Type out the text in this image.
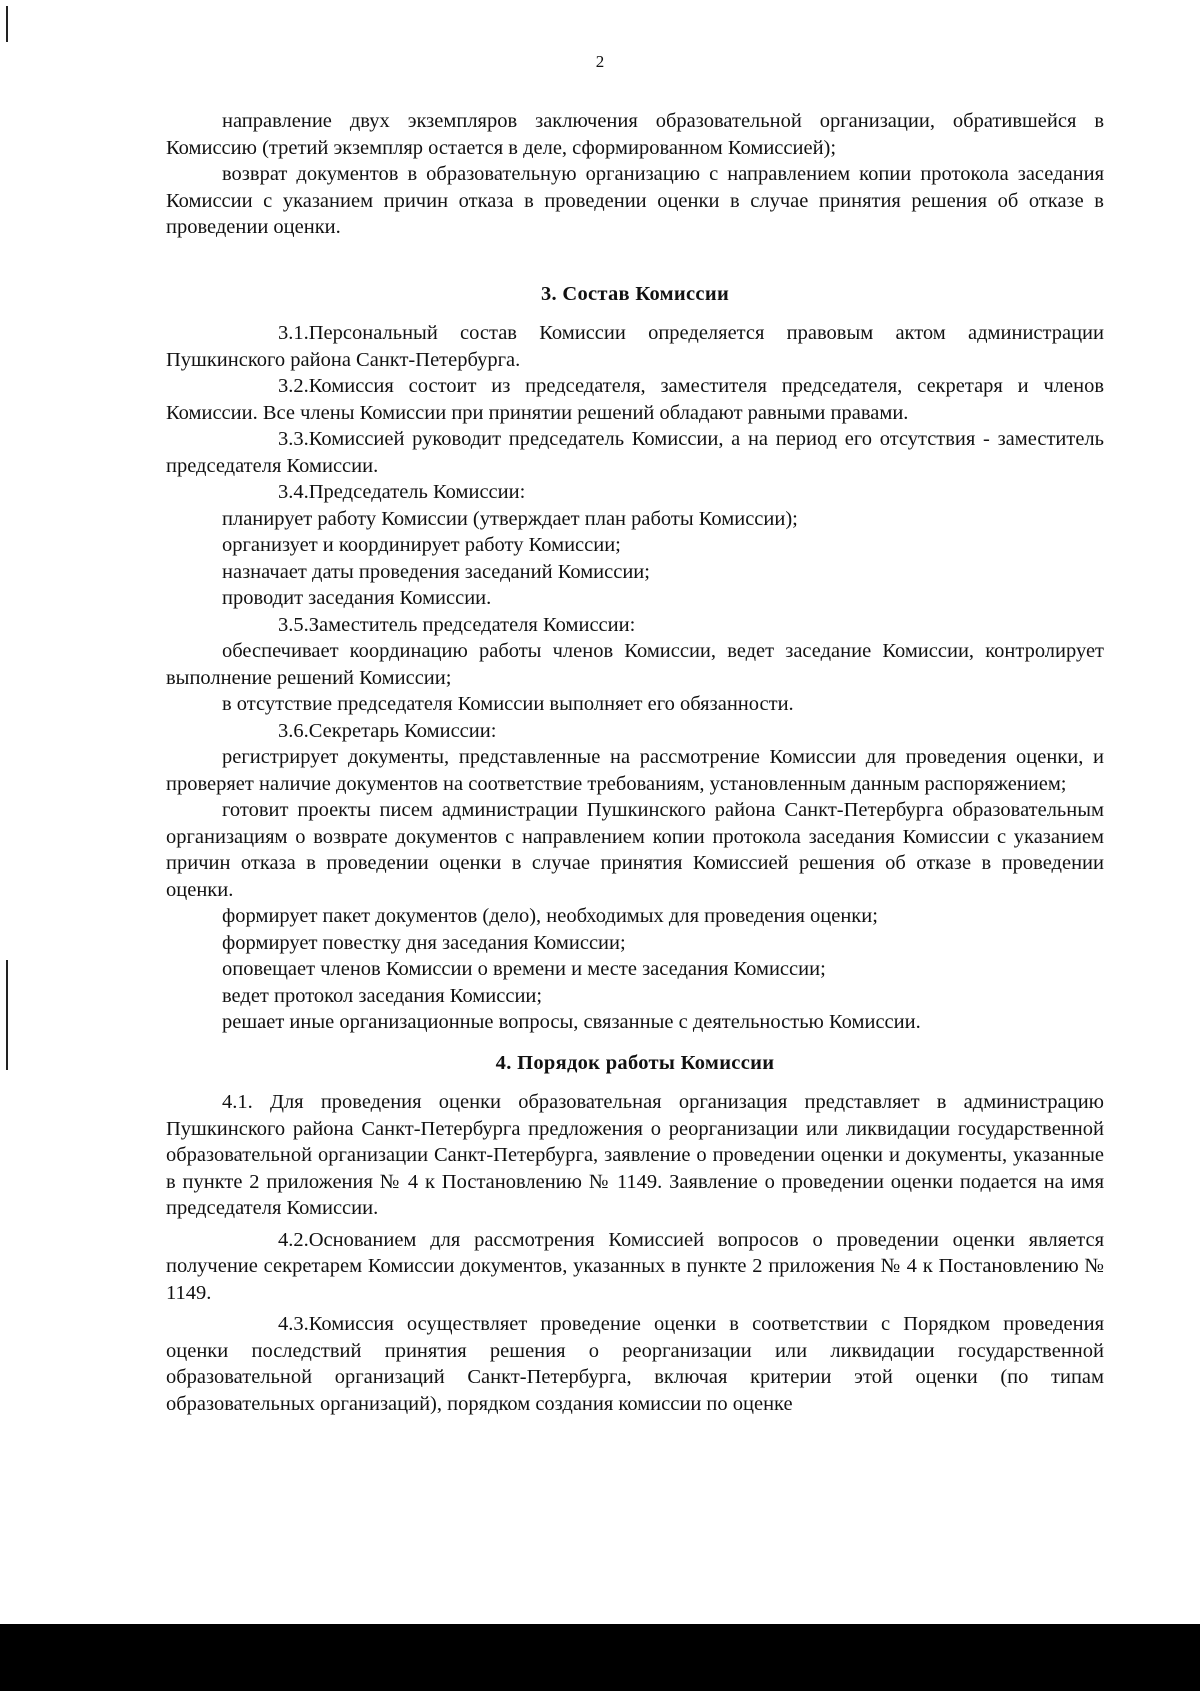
2

направление двух экземпляров заключения образовательной организации, обратившейся в Комиссию (третий экземпляр остается в деле, сформированном Комиссией);

возврат документов в образовательную организацию с направлением копии протокола заседания Комиссии с указанием причин отказа в проведении оценки в случае принятия решения об отказе в проведении оценки.

3. Состав Комиссии

3.1.Персональный состав Комиссии определяется правовым актом администрации Пушкинского района Санкт-Петербурга.

3.2.Комиссия состоит из председателя, заместителя председателя, секретаря и членов Комиссии. Все члены Комиссии при принятии решений обладают равными правами.

3.3.Комиссией руководит председатель Комиссии, а на период его отсутствия - заместитель председателя Комиссии.

3.4.Председатель Комиссии:

планирует работу Комиссии (утверждает план работы Комиссии);

организует и координирует работу Комиссии;

назначает даты проведения заседаний Комиссии;

проводит заседания Комиссии.

3.5.Заместитель председателя Комиссии:

обеспечивает координацию работы членов Комиссии, ведет заседание Комиссии, контролирует выполнение решений Комиссии;

в отсутствие председателя Комиссии выполняет его обязанности.

3.6.Секретарь Комиссии:

регистрирует документы, представленные на рассмотрение Комиссии для проведения оценки, и проверяет наличие документов на соответствие требованиям, установленным данным распоряжением;

готовит проекты писем администрации Пушкинского района Санкт-Петербурга образовательным организациям о возврате документов с направлением копии протокола заседания Комиссии с указанием причин отказа в проведении оценки в случае принятия Комиссией решения об отказе в проведении оценки.

формирует пакет документов (дело), необходимых для проведения оценки;

формирует повестку дня заседания Комиссии;

оповещает членов Комиссии о времени и месте заседания Комиссии;

ведет протокол заседания Комиссии;

решает иные организационные вопросы, связанные с деятельностью Комиссии.

4. Порядок работы Комиссии

4.1. Для проведения оценки образовательная организация представляет в администрацию Пушкинского района Санкт-Петербурга предложения о реорганизации или ликвидации государственной образовательной организации Санкт-Петербурга, заявление о проведении оценки и документы, указанные в пункте 2 приложения № 4 к Постановлению № 1149. Заявление о проведении оценки подается на имя председателя Комиссии.

4.2.Основанием для рассмотрения Комиссией вопросов о проведении оценки является получение секретарем Комиссии документов, указанных в пункте 2 приложения № 4 к Постановлению № 1149.

4.3.Комиссия осуществляет проведение оценки в соответствии с Порядком проведения оценки последствий принятия решения о реорганизации или ликвидации государственной образовательной организаций Санкт-Петербурга, включая критерии этой оценки (по типам образовательных организаций), порядком создания комиссии по оценке
